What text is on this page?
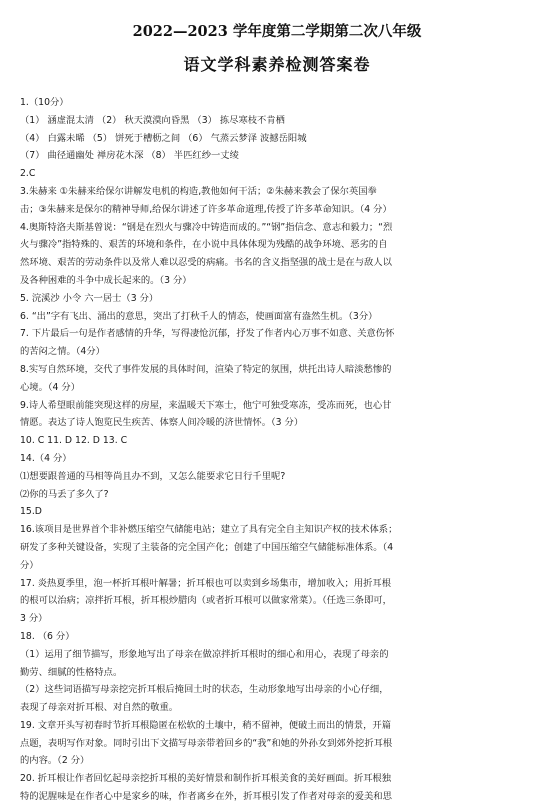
2022—2023 学年度第二学期第二次八年级
语文学科素养检测答案卷
1.（10分）
（1） 涵虚混太清 （2） 秋天漠漠向昏黑 （3） 拣尽寒枝不肯栖
（4） 白露未晞 （5） 饼死于槽枥之间 （6） 气蒸云梦泽 波撼岳阳城
（7） 曲径通幽处 禅房花木深 （8） 半匹红纱一丈绫
2.C
3.朱赫来 ①朱赫来给保尔讲解发电机的构造,教他如何干活；②朱赫来教会了保尔英国拳
击；③朱赫来是保尔的精神导师,给保尔讲述了许多革命道理,传授了许多革命知识。（4 分）
4.奥斯特洛夫斯基曾说：“钢是在烈火与骤冷中铸造而成的。”“钢”指信念、意志和毅力；“烈
火与骤冷”指特殊的、艰苦的环境和条件，在小说中具体体现为残酷的战争环境、恶劣的自
然环境、艰苦的劳动条件以及常人难以忍受的病痛。书名的含义指坚强的战士是在与敌人以
及各种困难的斗争中成长起来的。（3 分）
5. 浣溪沙 小令 六一居士（3 分）
6. “出”字有飞出、涌出的意思，突出了打秋千人的情态，使画面富有盎然生机。（3分）
7. 下片最后一句是作者感情的升华，写得凄怆沉郁，抒发了作者内心万事不如意、关意伤怀
的苦闷之情。（4分）
8.实写自然环境，交代了事件发展的具体时间，渲染了特定的氛围，烘托出诗人暗淡愁惨的
心境。（4 分）
9.诗人希望眼前能突现这样的房屋，来温暖天下寒士，他宁可独受寒冻，受冻而死，也心甘
情愿。表达了诗人饱览民生疾苦、体察人间冷暖的济世情怀。（3 分）
10. C 11. D 12. D 13. C
14.（4 分）
⑴想要跟普通的马相等尚且办不到，又怎么能要求它日行千里呢?
⑵你的马丢了多久了?
15.D
16.该项目是世界首个非补燃压缩空气储能电站；建立了具有完全自主知识产权的技术体系；
研发了多种关键设备，实现了主装备的完全国产化；创建了中国压缩空气储能标准体系。（4
分）
17. 炎热夏季里，泡一杯折耳根叶解暑；折耳根也可以卖到乡场集市，增加收入；用折耳根
的根可以治病；凉拌折耳根，折耳根炒腊肉（或者折耳根可以做家常菜）。（任选三条即可，
3 分）
18. （6 分）
（1）运用了细节描写，形象地写出了母亲在做凉拌折耳根时的细心和用心，表现了母亲的
勤劳、细腻的性格特点。
（2）这些词语描写母亲挖完折耳根后掩回土时的状态，生动形象地写出母亲的小心仔细，
表现了母亲对折耳根、对自然的敬重。
19. 文章开头写初春时节折耳根隐匿在松软的土壤中，稍不留神，便破土而出的情景，开篇
点题，表明写作对象。同时引出下文描写母亲带着回乡的“我”和她的外孙女到郊外挖折耳根
的内容。（2 分）
20. 折耳根让作者回忆起母亲挖折耳根的美好情景和制作折耳根美食的美好画面。折耳根独
特的泥腥味是在作者心中是家乡的味，作者离乡在外，折耳根引发了作者对母亲的爱美和思
